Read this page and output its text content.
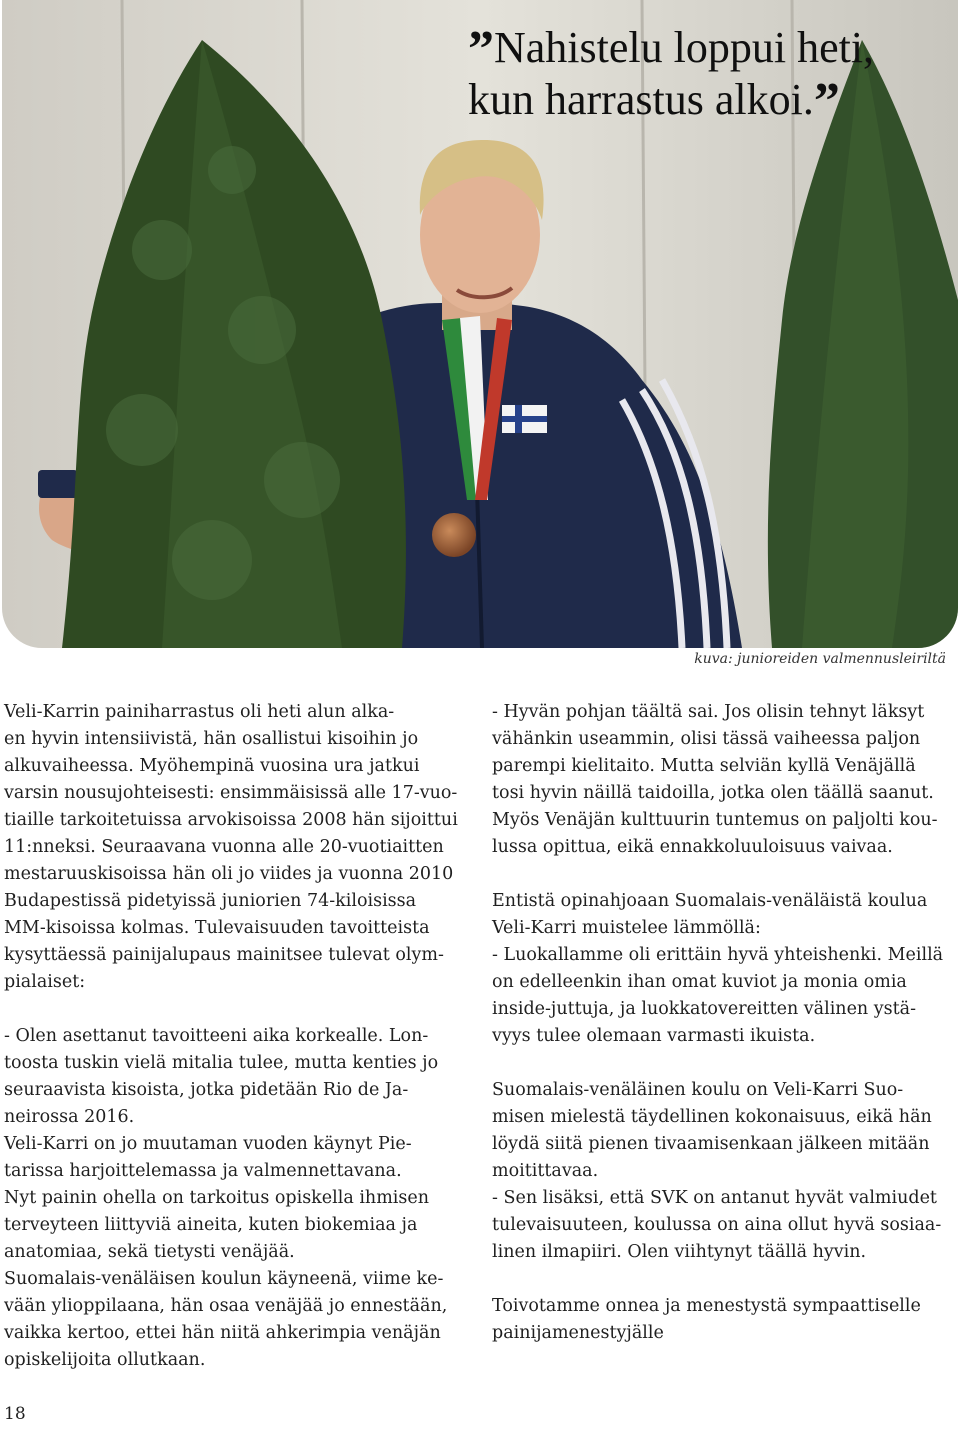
”Nahistelu loppui heti,
kun harrastus alkoi.”
kuva: junioreiden valmennusleiriltä
Veli-Karrin painiharrastus oli heti alun alka-
en hyvin intensiivistä, hän osallistui kisoihin jo
alkuvaiheessa. Myöhempinä vuosina ura jatkui
varsin nousujohteisesti: ensimmäisissä alle 17-vuo-
tiaille tarkoitetuissa arvokisoissa 2008 hän sijoittui
11:nneksi. Seuraavana vuonna alle 20-vuotiaitten
mestaruuskisoissa hän oli jo viides ja vuonna 2010
Budapestissä pidetyissä juniorien 74-kiloisissa
MM-kisoissa kolmas. Tulevaisuuden tavoitteista
kysyttäessä painijalupaus mainitsee tulevat olym-
pialaiset:
- Olen asettanut tavoitteeni aika korkealle. Lon-
toosta tuskin vielä mitalia tulee, mutta kenties jo
seuraavista kisoista, jotka pidetään Rio de Ja-
neirossa 2016.
Veli-Karri on jo muutaman vuoden käynyt Pie-
tarissa harjoittelemassa ja valmennettavana.
Nyt painin ohella on tarkoitus opiskella ihmisen
terveyteen liittyviä aineita, kuten biokemiaa ja
anatomiaa, sekä tietysti venäjää.
Suomalais-venäläisen koulun käyneenä, viime ke-
vään ylioppilaana, hän osaa venäjää jo ennestään,
vaikka kertoo, ettei hän niitä ahkerimpia venäjän
opiskelijoita ollutkaan.
- Hyvän pohjan täältä sai. Jos olisin tehnyt läksyt
vähänkin useammin, olisi tässä vaiheessa paljon
parempi kielitaito. Mutta selviän kyllä Venäjällä
tosi hyvin näillä taidoilla, jotka olen täällä saanut.
Myös Venäjän kulttuurin tuntemus on paljolti kou-
lussa opittua, eikä ennakkoluuloisuus vaivaa.
Entistä opinahjoaan Suomalais-venäläistä koulua
Veli-Karri muistelee lämmöllä:
- Luokallamme oli erittäin hyvä yhteishenki. Meillä
on edelleenkin ihan omat kuviot ja monia omia
inside-juttuja, ja luokkatovereitten välinen ystä-
vyys tulee olemaan varmasti ikuista.
Suomalais-venäläinen koulu on Veli-Karri Suo-
misen mielestä täydellinen kokonaisuus, eikä hän
löydä siitä pienen tivaamisenkaan jälkeen mitään
moitittavaa.
- Sen lisäksi, että SVK on antanut hyvät valmiudet
tulevaisuuteen, koulussa on aina ollut hyvä sosiaa-
linen ilmapiiri. Olen viihtynyt täällä hyvin.
Toivotamme onnea ja menestystä sympaattiselle
painijamenestyjälle
18
